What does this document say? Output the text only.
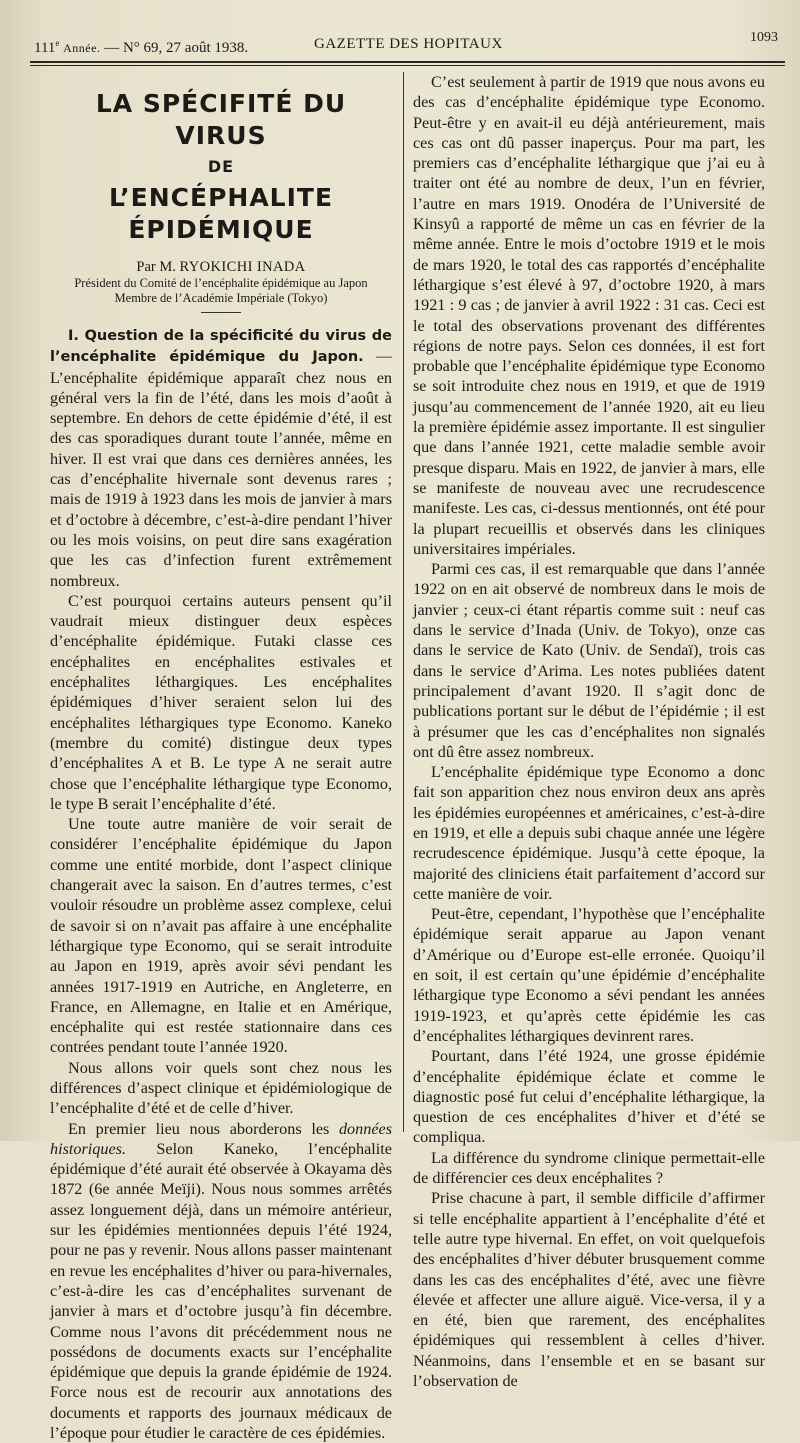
111e Année. — N° 69, 27 août 1938.	GAZETTE DES HOPITAUX	1093
LA SPÉCIFITÉ DU VIRUS
DE
L’ENCÉPHALITE ÉPIDÉMIQUE
Par M. RYOKICHI INADA
Président du Comité de l’encéphalite épidémique au Japon
Membre de l’Académie Impériale (Tokyo)

I. Question de la spécificité du virus de l’encéphalite épidémique du Japon. — L’encéphalite épidémique apparaît chez nous en général vers la fin de l’été, dans les mois d’août à septembre. En dehors de cette épidémie d’été, il est des cas sporadiques durant toute l’année, même en hiver. Il est vrai que dans ces dernières années, les cas d’encéphalite hivernale sont devenus rares ; mais de 1919 à 1923 dans les mois de janvier à mars et d’octobre à décembre, c’est-à-dire pendant l’hiver ou les mois voisins, on peut dire sans exagération que les cas d’infection furent extrêmement nombreux.

C’est pourquoi certains auteurs pensent qu’il vaudrait mieux distinguer deux espèces d’encéphalite épidémique. Futaki classe ces encéphalites en encéphalites estivales et encéphalites léthargiques. Les encéphalites épidémiques d’hiver seraient selon lui des encéphalites léthargiques type Economo. Kaneko (membre du comité) distingue deux types d’encéphalites A et B. Le type A ne serait autre chose que l’encéphalite léthargique type Economo, le type B serait l’encéphalite d’été.

Une toute autre manière de voir serait de considérer l’encéphalite épidémique du Japon comme une entité morbide, dont l’aspect clinique changerait avec la saison. En d’autres termes, c’est vouloir résoudre un problème assez complexe, celui de savoir si on n’avait pas affaire à une encéphalite léthargique type Economo, qui se serait introduite au Japon en 1919, après avoir sévi pendant les années 1917-1919 en Autriche, en Angleterre, en France, en Allemagne, en Italie et en Amérique, encéphalite qui est restée stationnaire dans ces contrées pendant toute l’année 1920.

Nous allons voir quels sont chez nous les différences d’aspect clinique et épidémiologique de l’encéphalite d’été et de celle d’hiver.

En premier lieu nous aborderons les données historiques. Selon Kaneko, l’encéphalite épidémique d’été aurait été observée à Okayama dès 1872 (6e année Meïji). Nous nous sommes arrêtés assez longuement déjà, dans un mémoire antérieur, sur les épidémies mentionnées depuis l’été 1924, pour ne pas y revenir. Nous allons passer maintenant en revue les encéphalites d’hiver ou para-hivernales, c’est-à-dire les cas d’encéphalites survenant de janvier à mars et d’octobre jusqu’à fin décembre. Comme nous l’avons dit précédemment nous ne possédons de documents exacts sur l’encéphalite épidémique que depuis la grande épidémie de 1924. Force nous est de recourir aux annotations des documents et rapports des journaux médicaux de l’époque pour étudier le caractère de ces épidémies.

C’est seulement à partir de 1919 que nous avons eu des cas d’encéphalite épidémique type Economo. Peut-être y en avait-il eu déjà antérieurement, mais ces cas ont dû passer inaperçus. Pour ma part, les premiers cas d’encéphalite léthargique que j’ai eu à traiter ont été au nombre de deux, l’un en février, l’autre en mars 1919. Onodéra de l’Université de Kinsyû a rapporté de même un cas en février de la même année. Entre le mois d’octobre 1919 et le mois de mars 1920, le total des cas rapportés d’encéphalite léthargique s’est élevé à 97, d’octobre 1920, à mars 1921 : 9 cas ; de janvier à avril 1922 : 31 cas. Ceci est le total des observations provenant des différentes régions de notre pays. Selon ces données, il est fort probable que l’encéphalite épidémique type Economo se soit introduite chez nous en 1919, et que de 1919 jusqu’au commencement de l’année 1920, ait eu lieu la première épidémie assez importante. Il est singulier que dans l’année 1921, cette maladie semble avoir presque disparu. Mais en 1922, de janvier à mars, elle se manifeste de nouveau avec une recrudescence manifeste. Les cas, ci-dessus mentionnés, ont été pour la plupart recueillis et observés dans les cliniques universitaires impériales.

Parmi ces cas, il est remarquable que dans l’année 1922 on en ait observé de nombreux dans le mois de janvier ; ceux-ci étant répartis comme suit : neuf cas dans le service d’Inada (Univ. de Tokyo), onze cas dans le service de Kato (Univ. de Sendaï), trois cas dans le service d’Arima. Les notes publiées datent principalement d’avant 1920. Il s’agit donc de publications portant sur le début de l’épidémie ; il est à présumer que les cas d’encéphalites non signalés ont dû être assez nombreux.

L’encéphalite épidémique type Economo a donc fait son apparition chez nous environ deux ans après les épidémies européennes et américaines, c’est-à-dire en 1919, et elle a depuis subi chaque année une légère recrudescence épidémique. Jusqu’à cette époque, la majorité des cliniciens était parfaitement d’accord sur cette manière de voir.

Peut-être, cependant, l’hypothèse que l’encéphalite épidémique serait apparue au Japon venant d’Amérique ou d’Europe est-elle erronée. Quoiqu’il en soit, il est certain qu’une épidémie d’encéphalite léthargique type Economo a sévi pendant les années 1919-1923, et qu’après cette épidémie les cas d’encéphalites léthargiques devinrent rares.

Pourtant, dans l’été 1924, une grosse épidémie d’encéphalite épidémique éclate et comme le diagnostic posé fut celui d’encéphalite léthargique, la question de ces encéphalites d’hiver et d’été se compliqua.

La différence du syndrome clinique permettait-elle de différencier ces deux encéphalites ?

Prise chacune à part, il semble difficile d’affirmer si telle encéphalite appartient à l’encéphalite d’été et telle autre type hivernal. En effet, on voit quelquefois des encéphalites d’hiver débuter brusquement comme dans les cas des encéphalites d’été, avec une fièvre élevée et affecter une allure aiguë. Vice-versa, il y a en été, bien que rarement, des encéphalites épidémiques qui ressemblent à celles d’hiver. Néanmoins, dans l’ensemble et en se basant sur l’observation de
